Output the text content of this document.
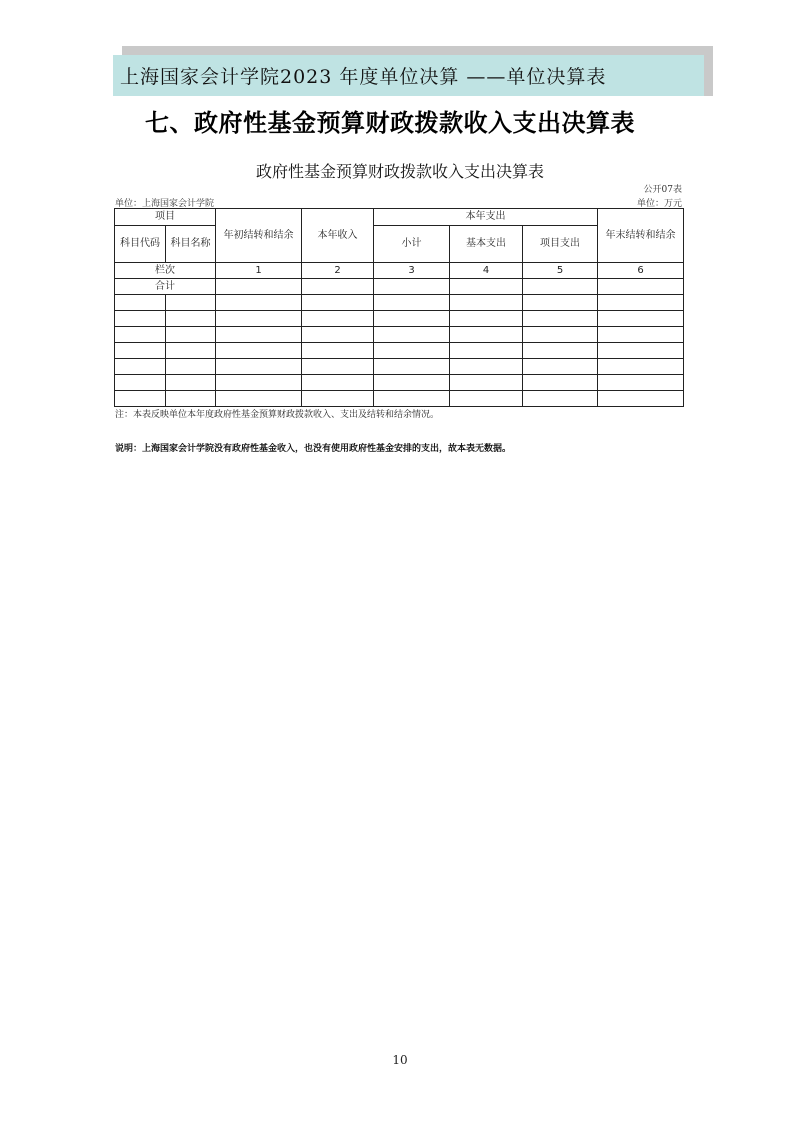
上海国家会计学院2023 年度单位决算 ——单位决算表
七、政府性基金预算财政拨款收入支出决算表
政府性基金预算财政拨款收入支出决算表
公开07表
单位：上海国家会计学院	单位：万元
项目		年初结转和结余	本年收入	本年支出			年末结转和结余
科目代码	科目名称			小计	基本支出	项目支出	
栏次		1	2	3	4	5	6
合计							

注：本表反映单位本年度政府性基金预算财政拨款收入、支出及结转和结余情况。
说明：上海国家会计学院没有政府性基金收入，也没有使用政府性基金安排的支出，故本表无数据。
10
